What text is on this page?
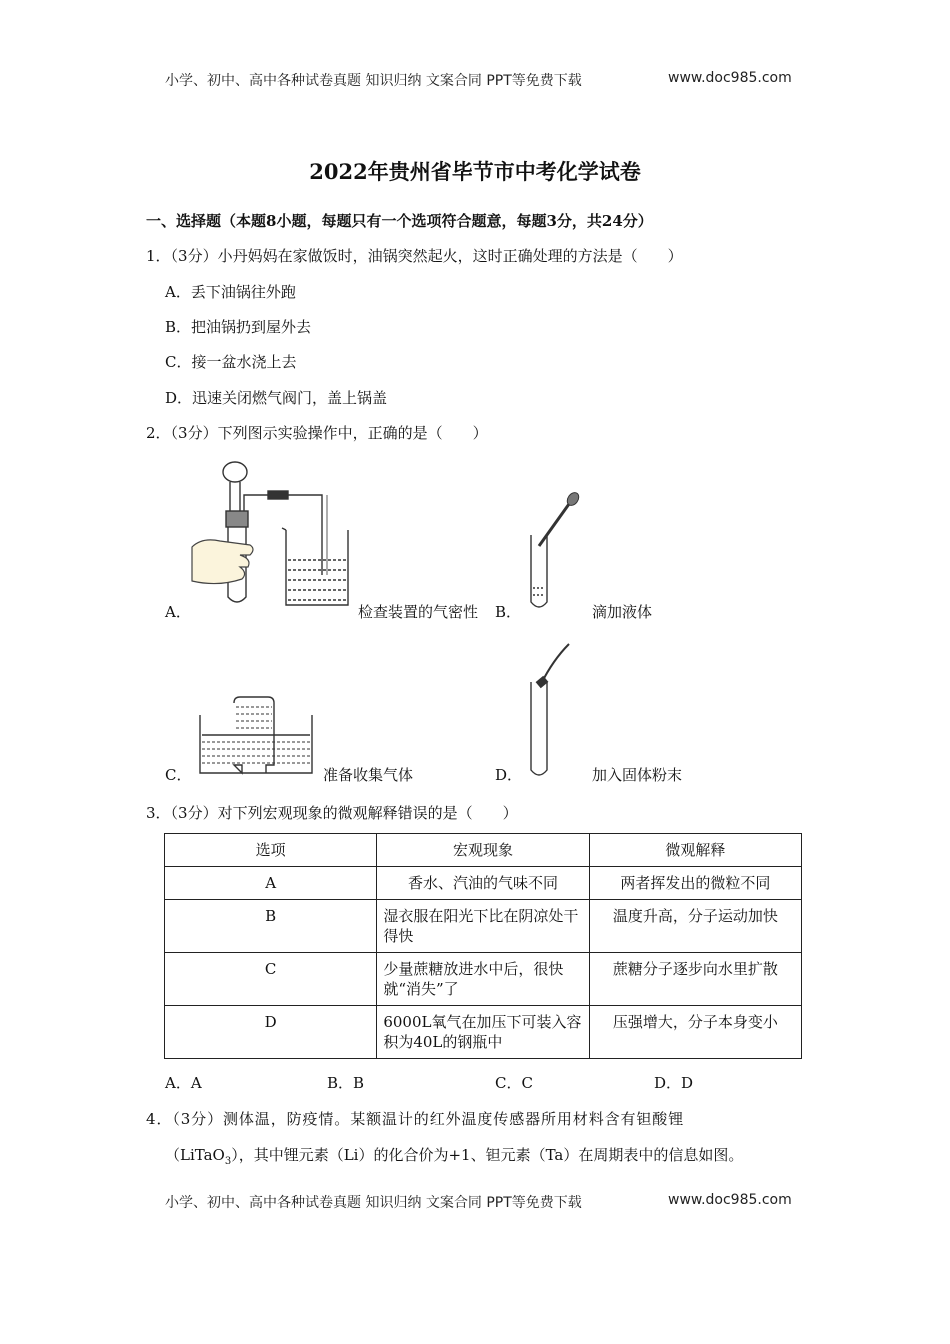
小学、初中、高中各种试卷真题 知识归纳 文案合同 PPT等免费下载	www.doc985.com
2022年贵州省毕节市中考化学试卷
一、选择题（本题8小题，每题只有一个选项符合题意，每题3分，共24分）
1．（3分）小丹妈妈在家做饭时，油锅突然起火，这时正确处理的方法是（　　）
A．丢下油锅往外跑
B．把油锅扔到屋外去
C．接一盆水浇上去
D．迅速关闭燃气阀门，盖上锅盖
2．（3分）下列图示实验操作中，正确的是（　　）
A．	检查装置的气密性 B．	滴加液体
C．	准备收集气体	D．	加入固体粉末
3．（3分）对下列宏观现象的微观解释错误的是（　　）
选项	宏观现象	微观解释
A	香水、汽油的气味不同	两者挥发出的微粒不同
B	湿衣服在阳光下比在阴凉处干得快	温度升高，分子运动加快
C	少量蔗糖放进水中后，很快就“消失”了	蔗糖分子逐步向水里扩散
D	6000L氧气在加压下可装入容积为40L的钢瓶中	压强增大，分子本身变小
A．A	B．B	C．C	D．D
4．（3分）测体温，防疫情。某额温计的红外温度传感器所用材料含有钽酸锂
（LiTaO$_3$），其中锂元素（Li）的化合价为+1、钽元素（Ta）在周期表中的信息如图。
小学、初中、高中各种试卷真题 知识归纳 文案合同 PPT等免费下载	www.doc985.com
